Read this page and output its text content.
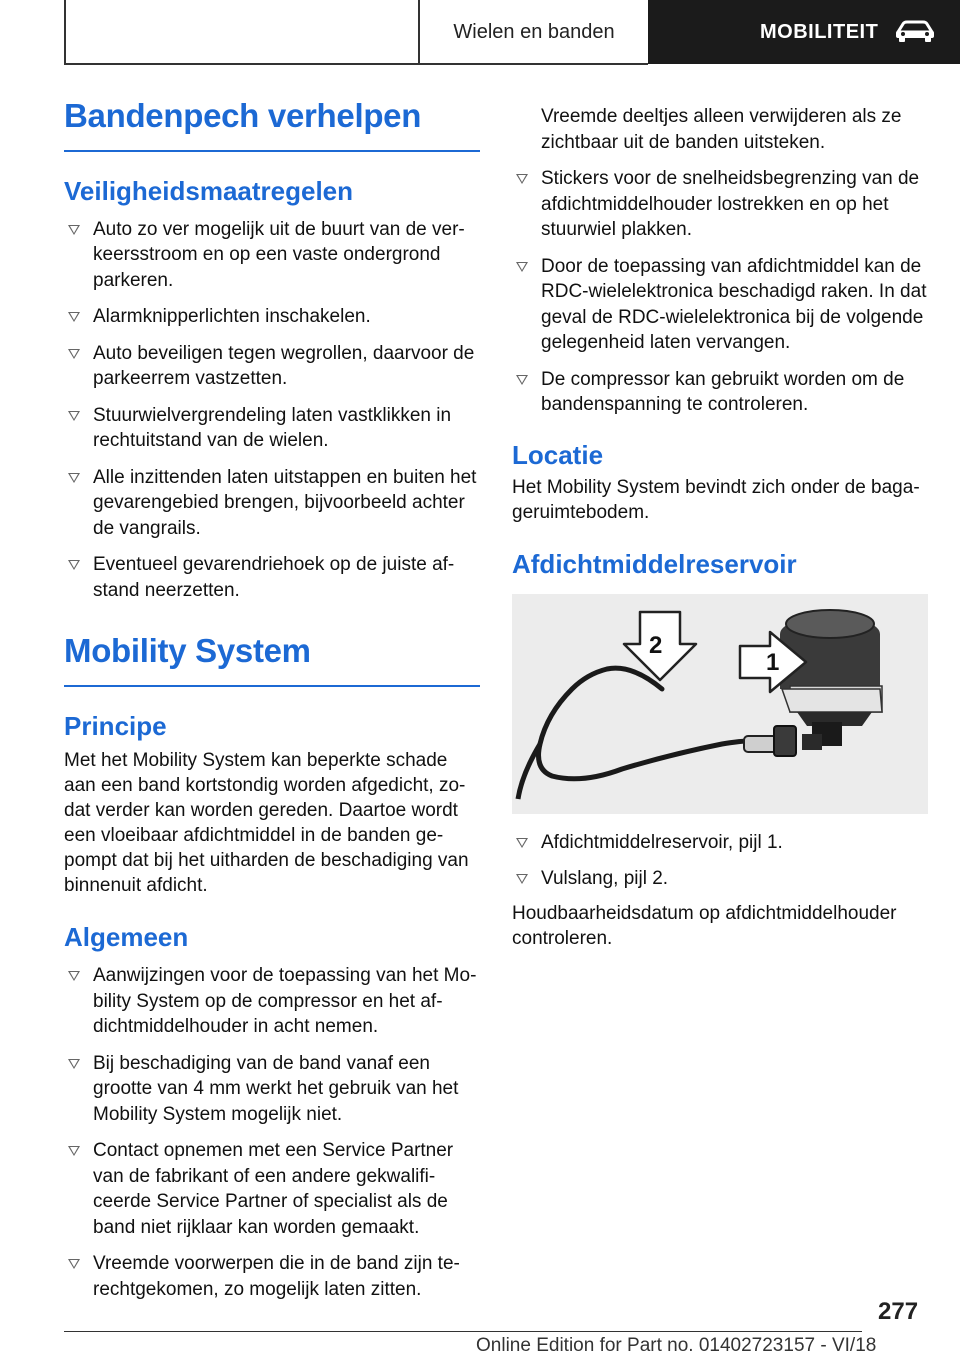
Wielen en banden	MOBILITEIT
Bandenpech verhelpen
Veiligheidsmaatregelen
Auto zo ver mogelijk uit de buurt van de ver-keersstroom en op een vaste ondergrond parkeren.
Alarmknipperlichten inschakelen.
Auto beveiligen tegen wegrollen, daarvoor de parkeerrem vastzetten.
Stuurwielvergrendeling laten vastklikken in rechtuitstand van de wielen.
Alle inzittenden laten uitstappen en buiten het gevarengebied brengen, bijvoorbeeld achter de vangrails.
Eventueel gevarendriehoek op de juiste af-stand neerzetten.
Mobility System
Principe

Met het Mobility System kan beperkte schade aan een band kortstondig worden afgedicht, zo-dat verder kan worden gereden. Daartoe wordt een vloeibaar afdichtmiddel in de banden ge-pompt dat bij het uitharden de beschadiging van binnenuit afdicht.

Algemeen
Aanwijzingen voor de toepassing van het Mo-bility System op de compressor en het af-dichtmiddelhouder in acht nemen.
Bij beschadiging van de band vanaf een grootte van 4 mm werkt het gebruik van het Mobility System mogelijk niet.
Contact opnemen met een Service Partner van de fabrikant of een andere gekwalifi-ceerde Service Partner of specialist als de band niet rijklaar kan worden gemaakt.
Vreemde voorwerpen die in de band zijn te-rechtgekomen, zo mogelijk laten zitten.

Vreemde deeltjes alleen verwijderen als ze zichtbaar uit de banden uitsteken.

Stickers voor de snelheidsbegrenzing van de afdichtmiddelhouder lostrekken en op het stuurwiel plakken.
Door de toepassing van afdichtmiddel kan de RDC-wielelektronica beschadigd raken. In dat geval de RDC-wielelektronica bij de volgende gelegenheid laten vervangen.
De compressor kan gebruikt worden om de bandenspanning te controleren.
Locatie

Het Mobility System bevindt zich onder de baga-geruimtebodem.

Afdichtmiddelreservoir
2
1
Afdichtmiddelreservoir, pijl 1.
Vulslang, pijl 2.

Houdbaarheidsdatum op afdichtmiddelhouder controleren.

277
Online Edition for Part no. 01402723157 - VI/18
